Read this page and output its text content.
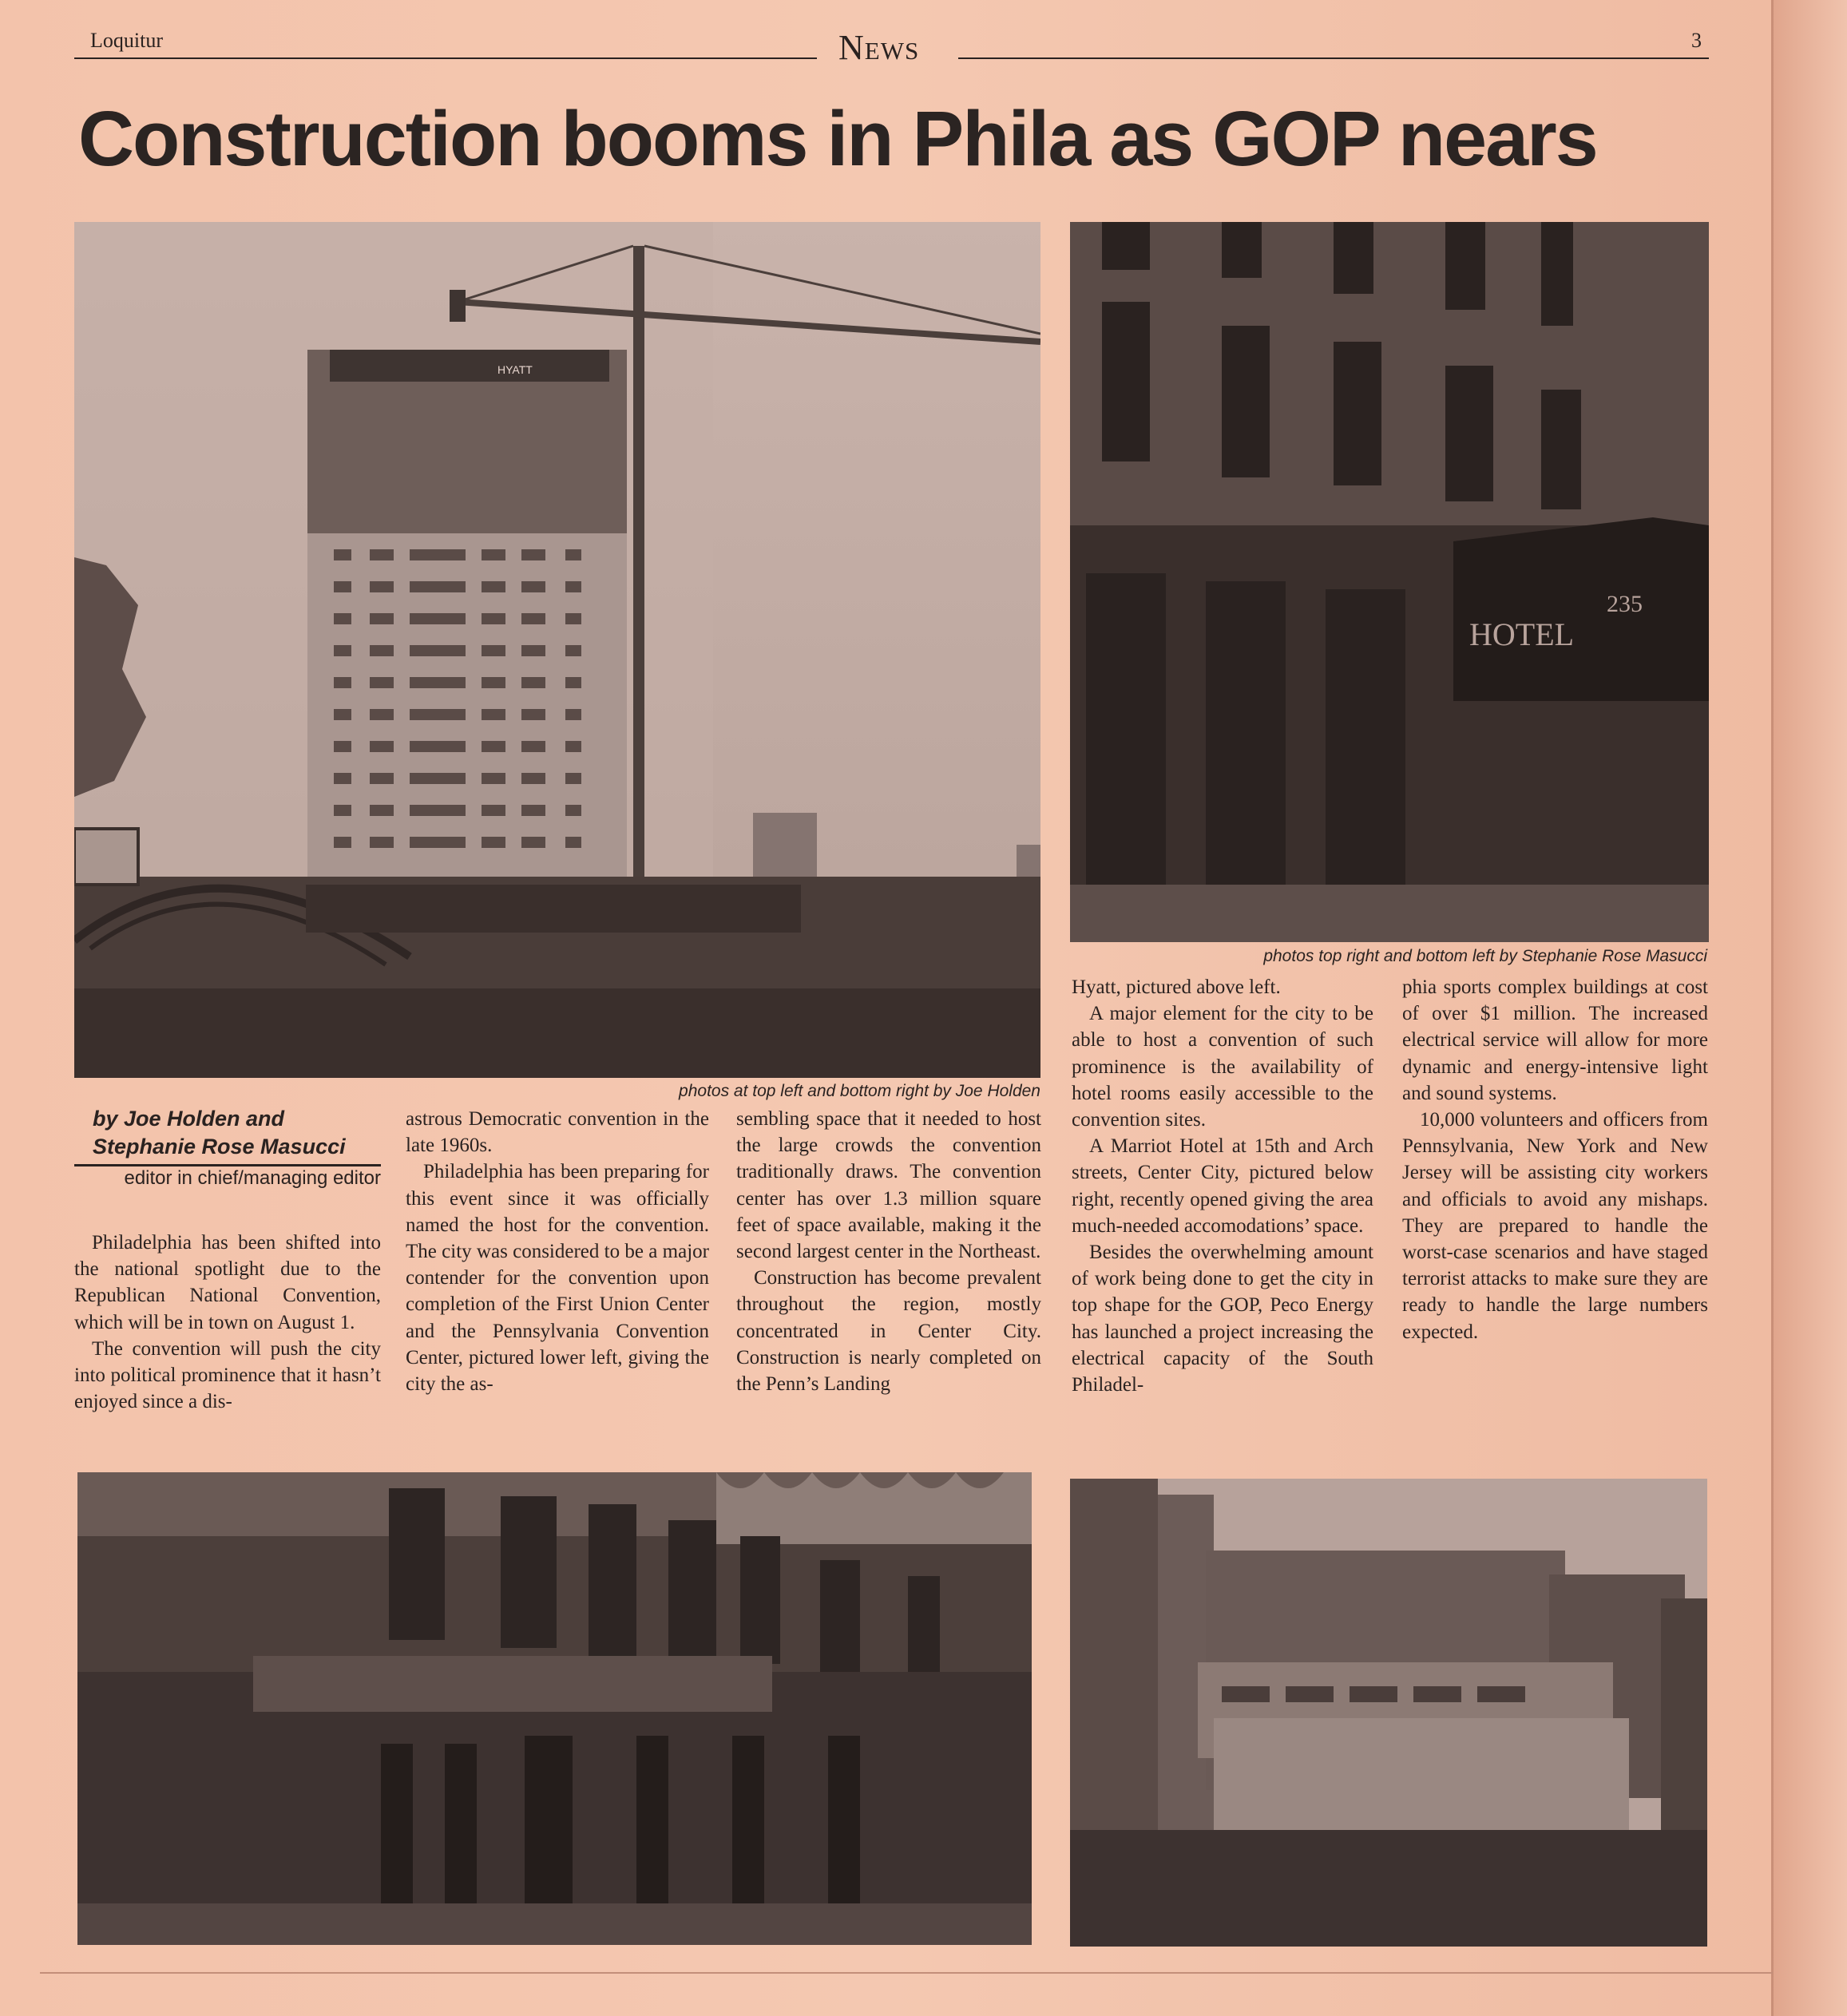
Loquitur	News	3
Construction booms in Phila as GOP nears
HYATT
HOTEL
235
photos top right and bottom left by Stephanie Rose Masucci
photos at top left and bottom right by Joe Holden
by Joe Holden and
Stephanie Rose Masucci
editor in chief/managing editor

Philadelphia has been shifted into the national spotlight due to the Republican National Convention, which will be in town on August 1.

The convention will push the city into political prominence that it hasn’t enjoyed since a dis-

astrous Democratic convention in the late 1960s.

Philadelphia has been preparing for this event since it was officially named the host for the convention. The city was considered to be a major contender for the convention upon completion of the First Union Center and the Pennsylvania Convention Center, pictured lower left, giving the city the as-

sembling space that it needed to host the large crowds the convention traditionally draws. The convention center has over 1.3 million square feet of space available, making it the second largest center in the Northeast.

Construction has become prevalent throughout the region, mostly concentrated in Center City. Construction is nearly completed on the Penn’s Landing

Hyatt, pictured above left.

A major element for the city to be able to host a convention of such prominence is the availability of hotel rooms easily accessible to the convention sites.

A Marriot Hotel at 15th and Arch streets, Center City, pictured below right, recently opened giving the area much-needed accomodations’ space.

Besides the overwhelming amount of work being done to get the city in top shape for the GOP, Peco Energy has launched a project increasing the electrical capacity of the South Philadel-

phia sports complex buildings at cost of over $1 million. The increased electrical service will allow for more dynamic and energy-intensive light and sound systems.

10,000 volunteers and officers from Pennsylvania, New York and New Jersey will be assisting city workers and officials to avoid any mishaps. They are prepared to handle the worst-case scenarios and have staged terrorist attacks to make sure they are ready to handle the large numbers expected.
